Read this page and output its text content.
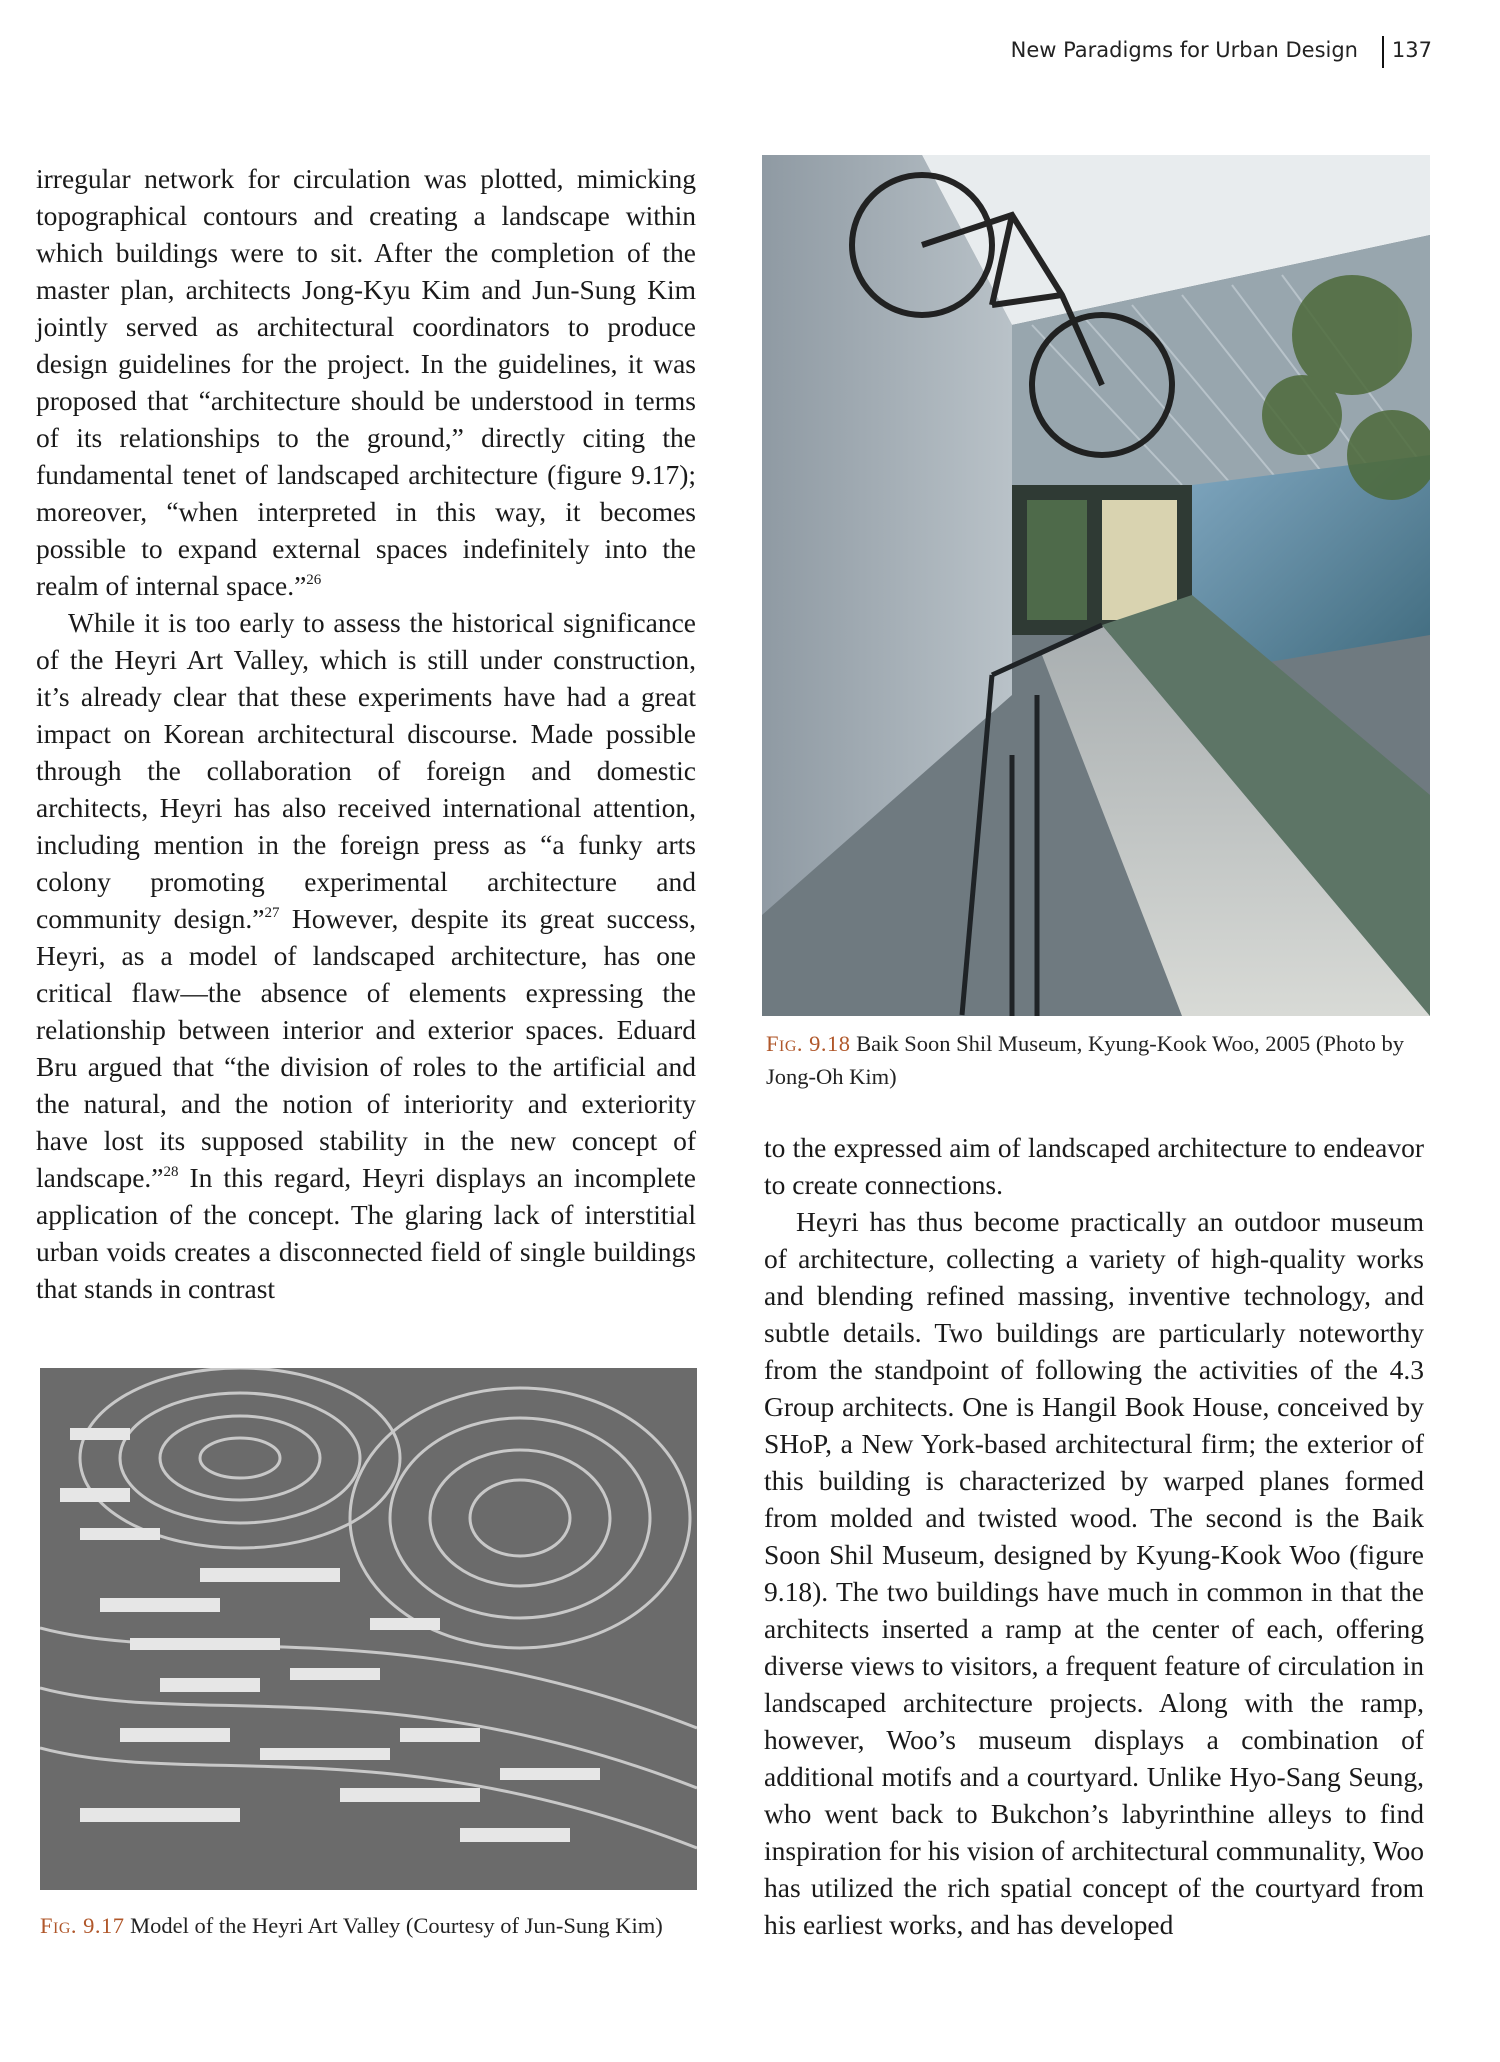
New Paradigms for Urban Design 137

irregular network for circulation was plotted, mimicking topographical contours and creating a landscape within which buildings were to sit. After the completion of the master plan, architects Jong-Kyu Kim and Jun-Sung Kim jointly served as architectural coordinators to produce design guidelines for the project. In the guidelines, it was proposed that “architecture should be understood in terms of its relationships to the ground,” directly citing the fundamental tenet of landscaped architecture (figure 9.17); moreover, “when interpreted in this way, it becomes possible to expand external spaces indefinitely into the realm of internal space.”$^{26}$

While it is too early to assess the historical significance of the Heyri Art Valley, which is still under construction, it’s already clear that these experiments have had a great impact on Korean architectural discourse. Made possible through the collaboration of foreign and domestic architects, Heyri has also received international attention, including mention in the foreign press as “a funky arts colony promoting experimental architecture and community design.”$^{27}$ However, despite its great success, Heyri, as a model of landscaped architecture, has one critical flaw—the absence of elements expressing the relationship between interior and exterior spaces. Eduard Bru argued that “the division of roles to the artificial and the natural, and the notion of interiority and exteriority have lost its supposed stability in the new concept of landscape.”$^{28}$ In this regard, Heyri displays an incomplete application of the concept. The glaring lack of interstitial urban voids creates a disconnected field of single buildings that stands in contrast

Fig. 9.18 Baik Soon Shil Museum, Kyung-Kook Woo, 2005 (Photo by Jong-Oh Kim)

to the expressed aim of landscaped architecture to endeavor to create connections.

Heyri has thus become practically an outdoor museum of architecture, collecting a variety of high-quality works and blending refined massing, inventive technology, and subtle details. Two buildings are particularly noteworthy from the standpoint of following the activities of the 4.3 Group architects. One is Hangil Book House, conceived by SHoP, a New York-based architectural firm; the exterior of this building is characterized by warped planes formed from molded and twisted wood. The second is the Baik Soon Shil Museum, designed by Kyung-Kook Woo (figure 9.18). The two buildings have much in common in that the architects inserted a ramp at the center of each, offering diverse views to visitors, a frequent feature of circulation in landscaped architecture projects. Along with the ramp, however, Woo’s museum displays a combination of additional motifs and a courtyard. Unlike Hyo-Sang Seung, who went back to Bukchon’s labyrinthine alleys to find inspiration for his vision of architectural communality, Woo has utilized the rich spatial concept of the courtyard from his earliest works, and has developed

Fig. 9.17 Model of the Heyri Art Valley (Courtesy of Jun-Sung Kim)
